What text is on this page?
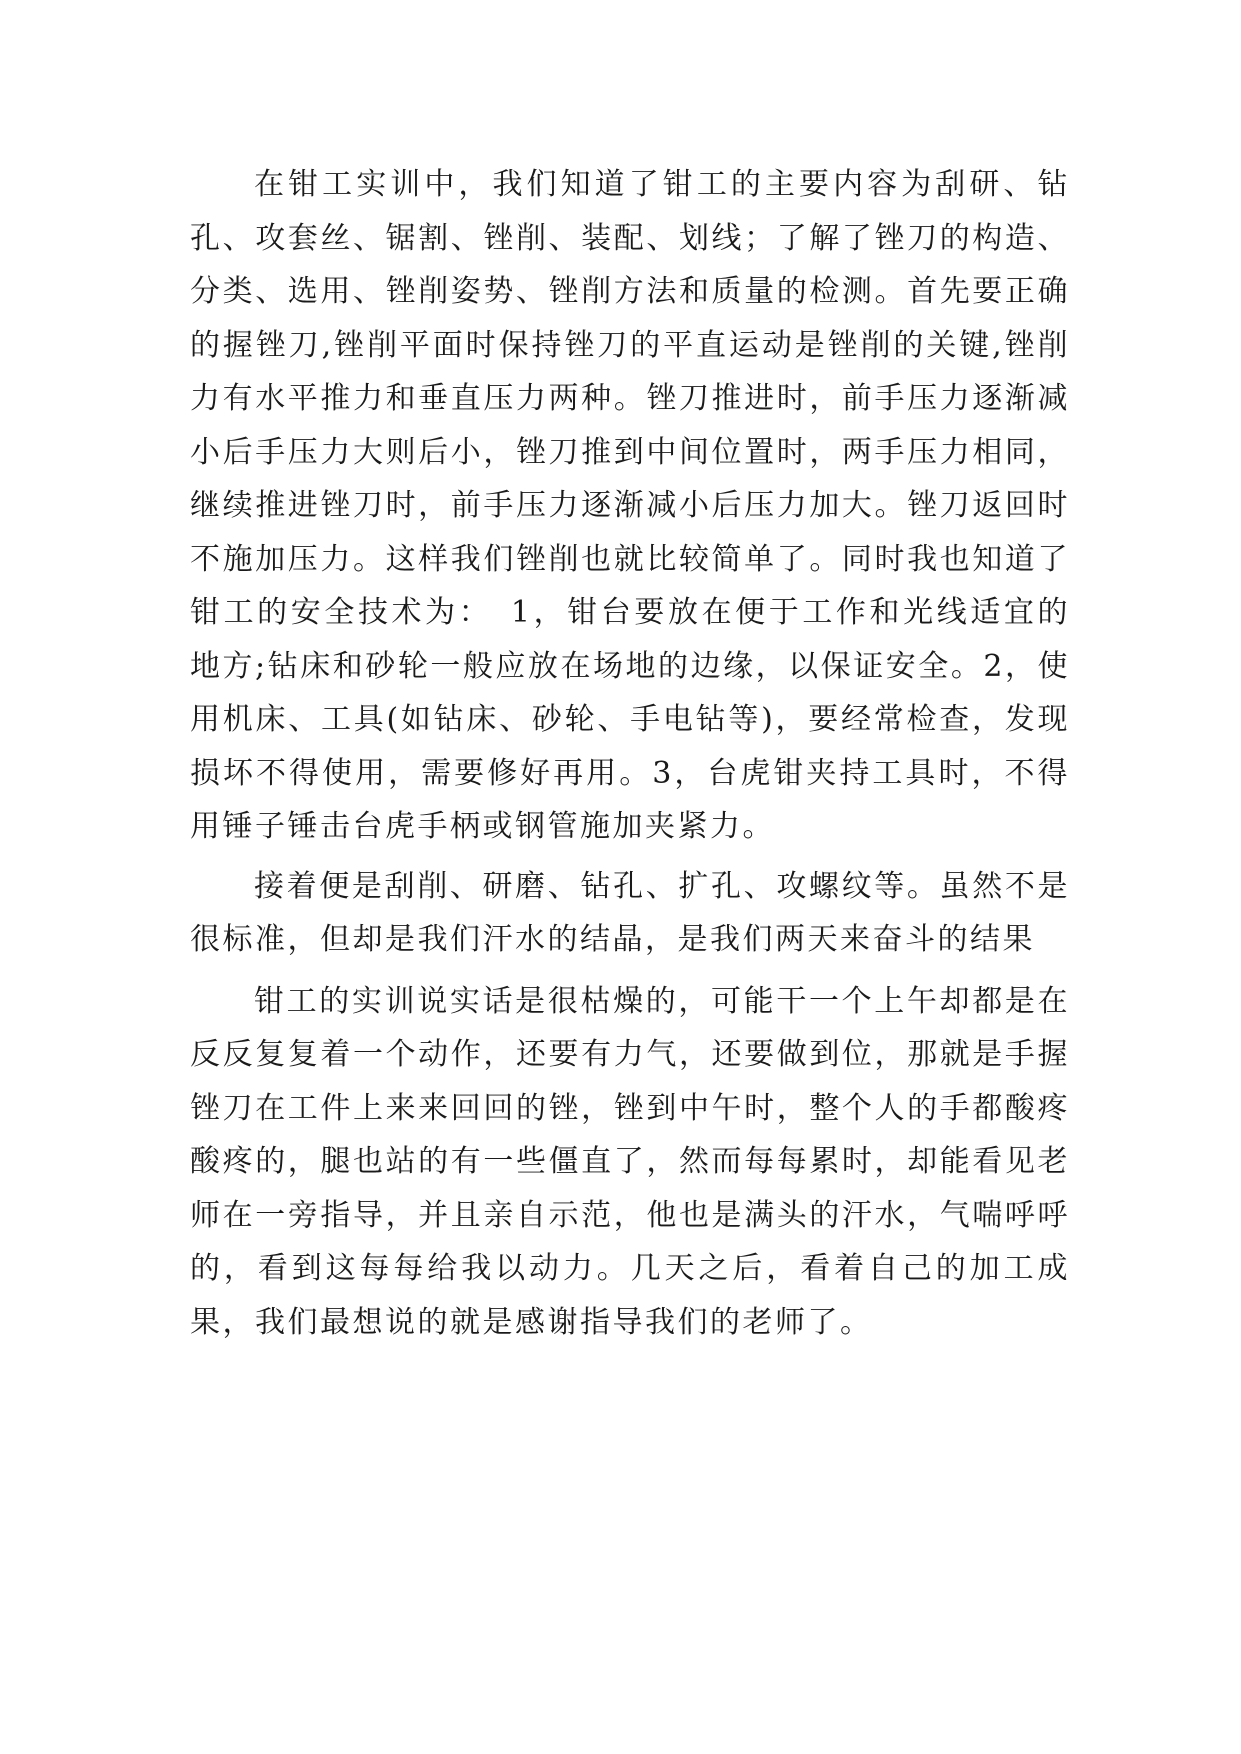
在钳工实训中，我们知道了钳工的主要内容为刮研、钻孔、攻套丝、锯割、锉削、装配、划线；了解了锉刀的构造、分类、选用、锉削姿势、锉削方法和质量的检测。首先要正确的握锉刀,锉削平面时保持锉刀的平直运动是锉削的关键,锉削力有水平推力和垂直压力两种。锉刀推进时，前手压力逐渐减小后手压力大则后小，锉刀推到中间位置时，两手压力相同，继续推进锉刀时，前手压力逐渐减小后压力加大。锉刀返回时不施加压力。这样我们锉削也就比较简单了。同时我也知道了钳工的安全技术为：　1，钳台要放在便于工作和光线适宜的地方;钻床和砂轮一般应放在场地的边缘，以保证安全。2，使用机床、工具(如钻床、砂轮、手电钻等)，要经常检查，发现损坏不得使用，需要修好再用。3，台虎钳夹持工具时，不得用锤子锤击台虎手柄或钢管施加夹紧力。

接着便是刮削、研磨、钻孔、扩孔、攻螺纹等。虽然不是很标准，但却是我们汗水的结晶，是我们两天来奋斗的结果

钳工的实训说实话是很枯燥的，可能干一个上午却都是在反反复复着一个动作，还要有力气，还要做到位，那就是手握锉刀在工件上来来回回的锉，锉到中午时，整个人的手都酸疼酸疼的，腿也站的有一些僵直了，然而每每累时，却能看见老师在一旁指导，并且亲自示范，他也是满头的汗水，气喘呼呼的，看到这每每给我以动力。几天之后，看着自己的加工成果，我们最想说的就是感谢指导我们的老师了。
